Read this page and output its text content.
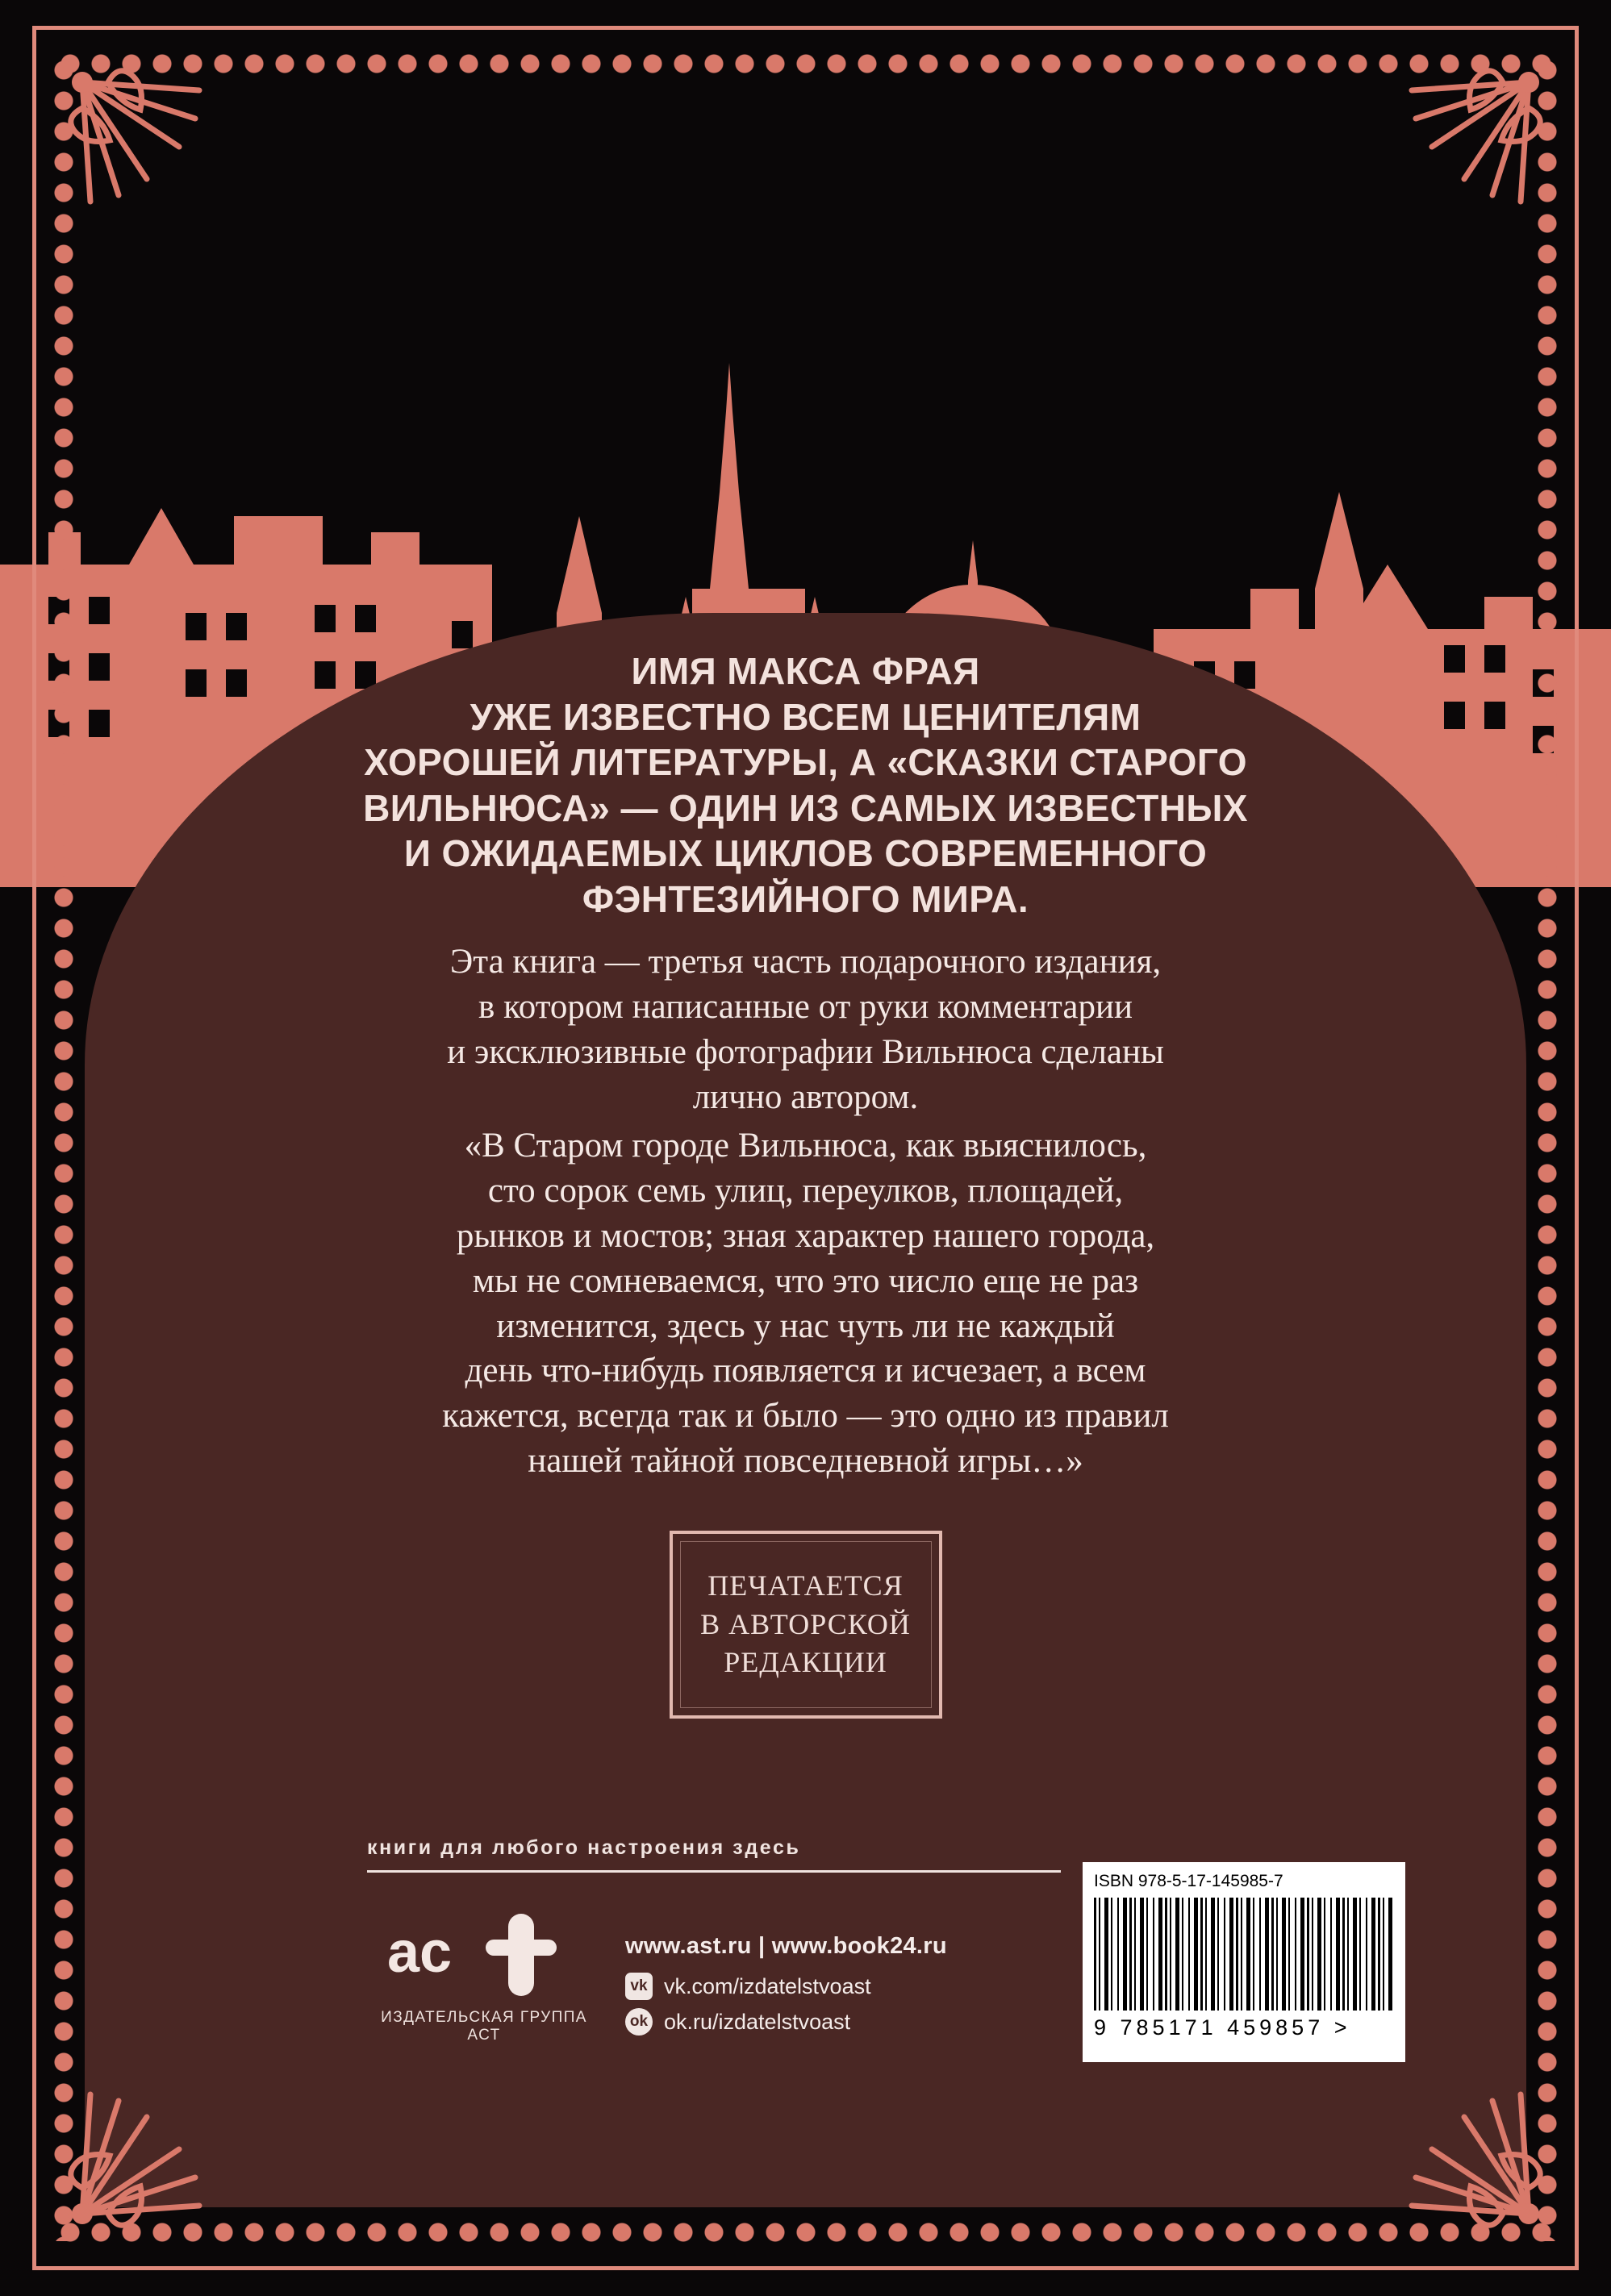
ИМЯ МАКСА ФРАЯ
УЖЕ ИЗВЕСТНО ВСЕМ ЦЕНИТЕЛЯМ
ХОРОШЕЙ ЛИТЕРАТУРЫ, А «СКАЗКИ СТАРОГО
ВИЛЬНЮСА» — ОДИН ИЗ САМЫХ ИЗВЕСТНЫХ
И ОЖИДАЕМЫХ ЦИКЛОВ СОВРЕМЕННОГО
ФЭНТЕЗИЙНОГО МИРА.
Эта книга — третья часть подарочного издания,
в котором написанные от руки комментарии
и эксклюзивные фотографии Вильнюса сделаны
лично автором.
«В Старом городе Вильнюса, как выяснилось,
сто сорок семь улиц, переулков, площадей,
рынков и мостов; зная характер нашего города,
мы не сомневаемся, что это число еще не раз
изменится, здесь у нас чуть ли не каждый
день что-нибудь появляется и исчезает, а всем
кажется, всегда так и было — это одно из правил
нашей тайной повседневной игры…»
ПЕЧАТАЕТСЯ
В АВТОРСКОЙ
РЕДАКЦИИ
книги для любого настроения здесь
ac
ИЗДАТЕЛЬСКАЯ ГРУППА АСТ
www.ast.ru | www.book24.ru
vk vk.com/izdatelstvoast
ok ok.ru/izdatelstvoast
ISBN 978-5-17-145985-7
9 785171 459857 >
